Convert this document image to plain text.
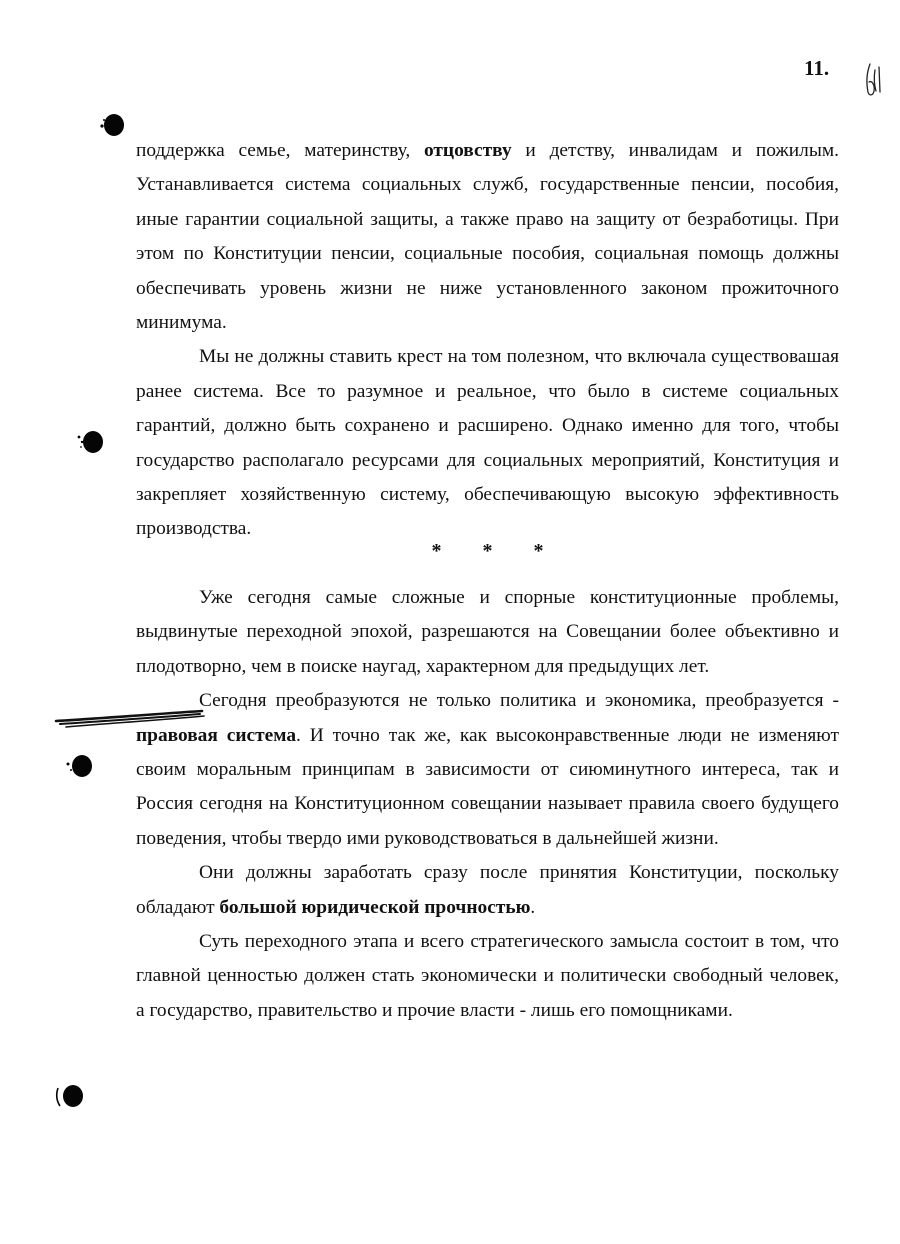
11.

поддержка семье, материнству, отцовству и детству, инвалидам и пожилым. Устанавливается система социальных служб, государственные пенсии, пособия, иные гарантии социальной защиты, а также право на защиту от безработицы. При этом по Конституции пенсии, социальные пособия, социальная помощь должны обеспечивать уровень жизни не ниже установленного законом прожиточного минимума.

Мы не должны ставить крест на том полезном, что включала существовашая ранее система. Все то разумное и реальное, что было в системе социальных гарантий, должно быть сохранено и расширено. Однако именно для того, чтобы государство располагало ресурсами для социальных мероприятий, Конституция и закрепляет хозяйственную систему, обеспечивающую высокую эффективность производства.

* * *

Уже сегодня самые сложные и спорные конституционные проблемы, выдвинутые переходной эпохой, разрешаются на Совещании более объективно и плодотворно, чем в поиске наугад, характерном для предыдущих лет.

Сегодня преобразуются не только политика и экономика, преобразуется - правовая система. И точно так же, как высоконравственные люди не изменяют своим моральным принципам в зависимости от сиюминутного интереса, так и Россия сегодня на Конституционном совещании называет правила своего будущего поведения, чтобы твердо ими руководствоваться в дальнейшей жизни.

Они должны заработать сразу после принятия Конституции, поскольку обладают большой юридической прочностью.

Суть переходного этапа и всего стратегического замысла состоит в том, что главной ценностью должен стать экономически и политически свободный человек, а государство, правительство и прочие власти - лишь его помощниками.
